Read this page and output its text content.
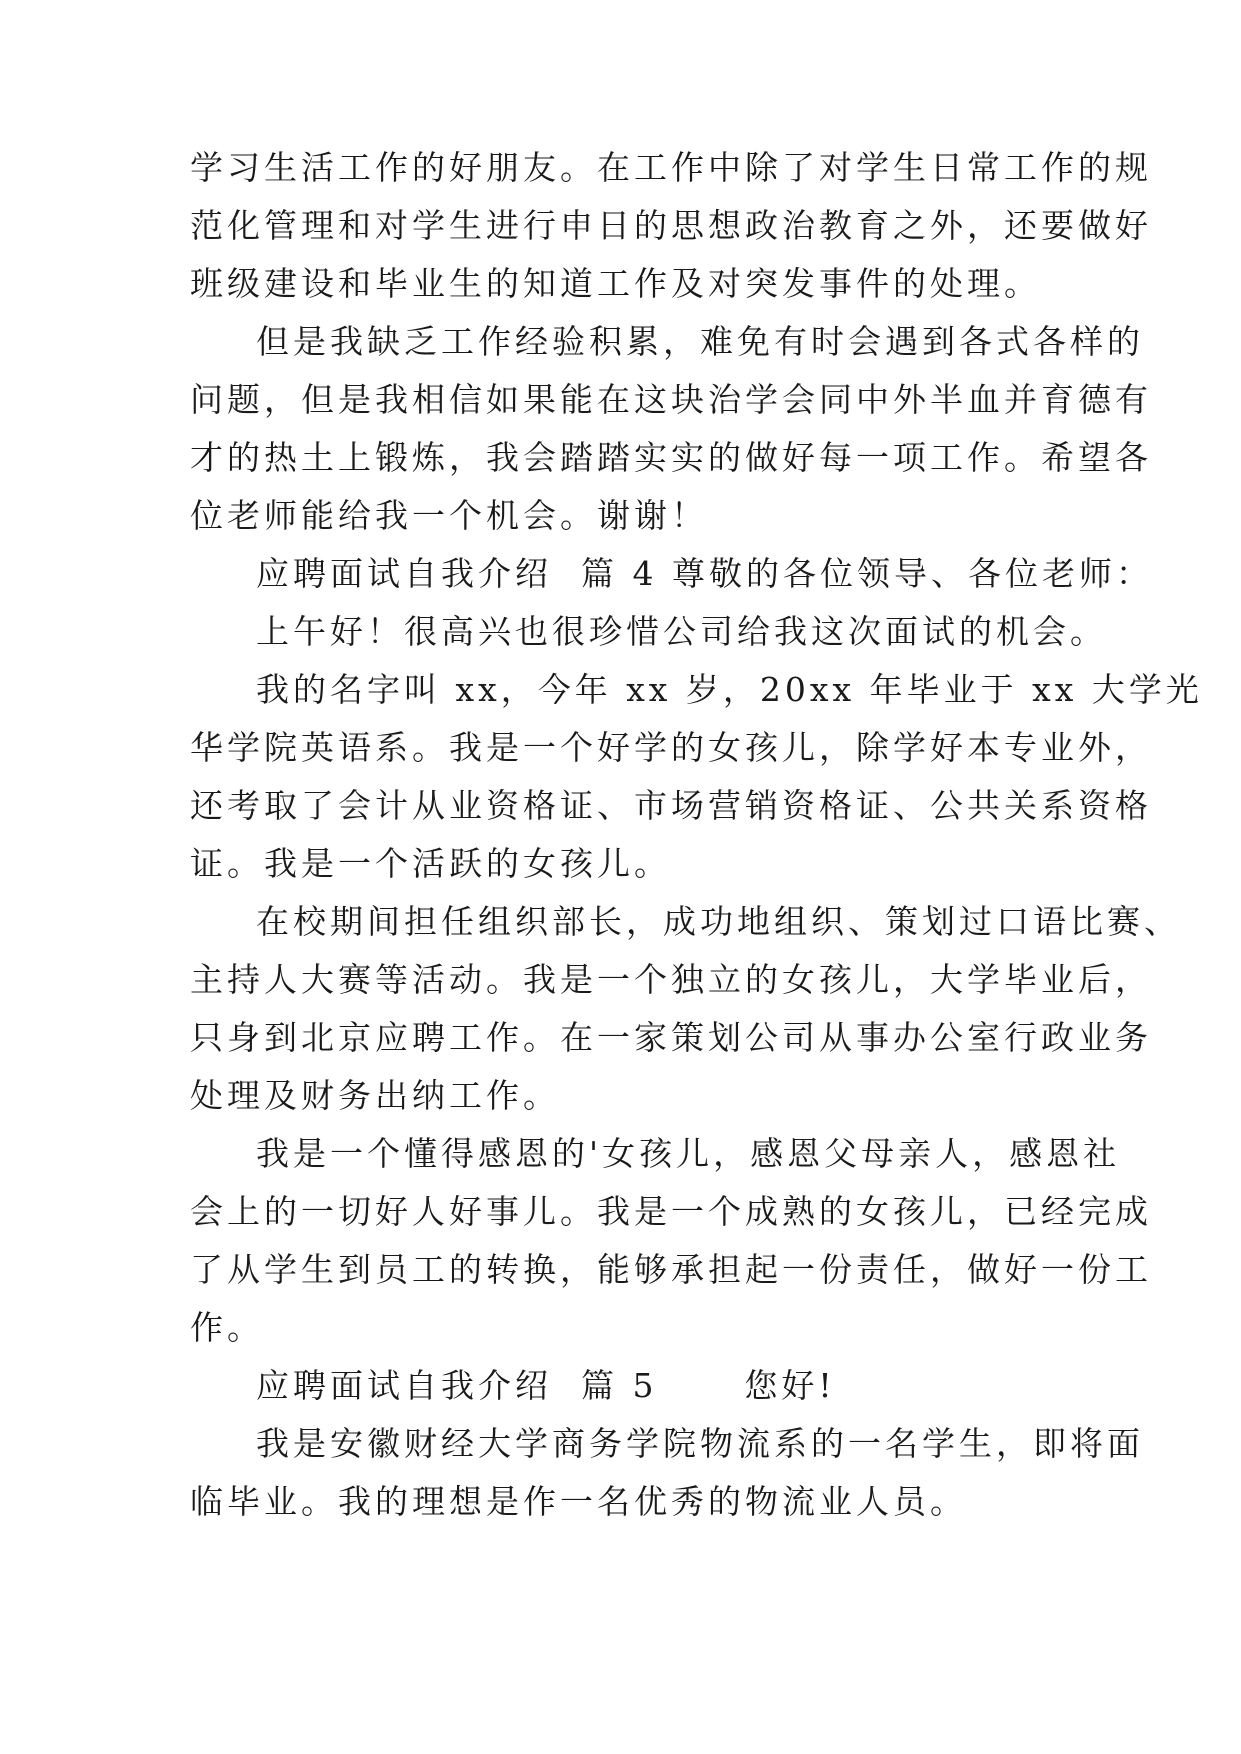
学习生活工作的好朋友。在工作中除了对学生日常工作的规
范化管理和对学生进行申日的思想政治教育之外，还要做好
班级建设和毕业生的知道工作及对突发事件的处理。
但是我缺乏工作经验积累，难免有时会遇到各式各样的
问题，但是我相信如果能在这块治学会同中外半血并育德有
才的热土上锻炼，我会踏踏实实的做好每一项工作。希望各
位老师能给我一个机会。谢谢！
应聘面试自我介绍  篇 4 尊敬的各位领导、各位老师：
上午好！很高兴也很珍惜公司给我这次面试的机会。
我的名字叫 xx，今年 xx 岁，20xx 年毕业于 xx 大学光
华学院英语系。我是一个好学的女孩儿，除学好本专业外，
还考取了会计从业资格证、市场营销资格证、公共关系资格
证。我是一个活跃的女孩儿。
在校期间担任组织部长，成功地组织、策划过口语比赛、
主持人大赛等活动。我是一个独立的女孩儿，大学毕业后，
只身到北京应聘工作。在一家策划公司从事办公室行政业务
处理及财务出纳工作。
我是一个懂得感恩的'女孩儿，感恩父母亲人，感恩社
会上的一切好人好事儿。我是一个成熟的女孩儿，已经完成
了从学生到员工的转换，能够承担起一份责任，做好一份工
作。
应聘面试自我介绍  篇 5      您好!
我是安徽财经大学商务学院物流系的一名学生，即将面
临毕业。我的理想是作一名优秀的物流业人员。
